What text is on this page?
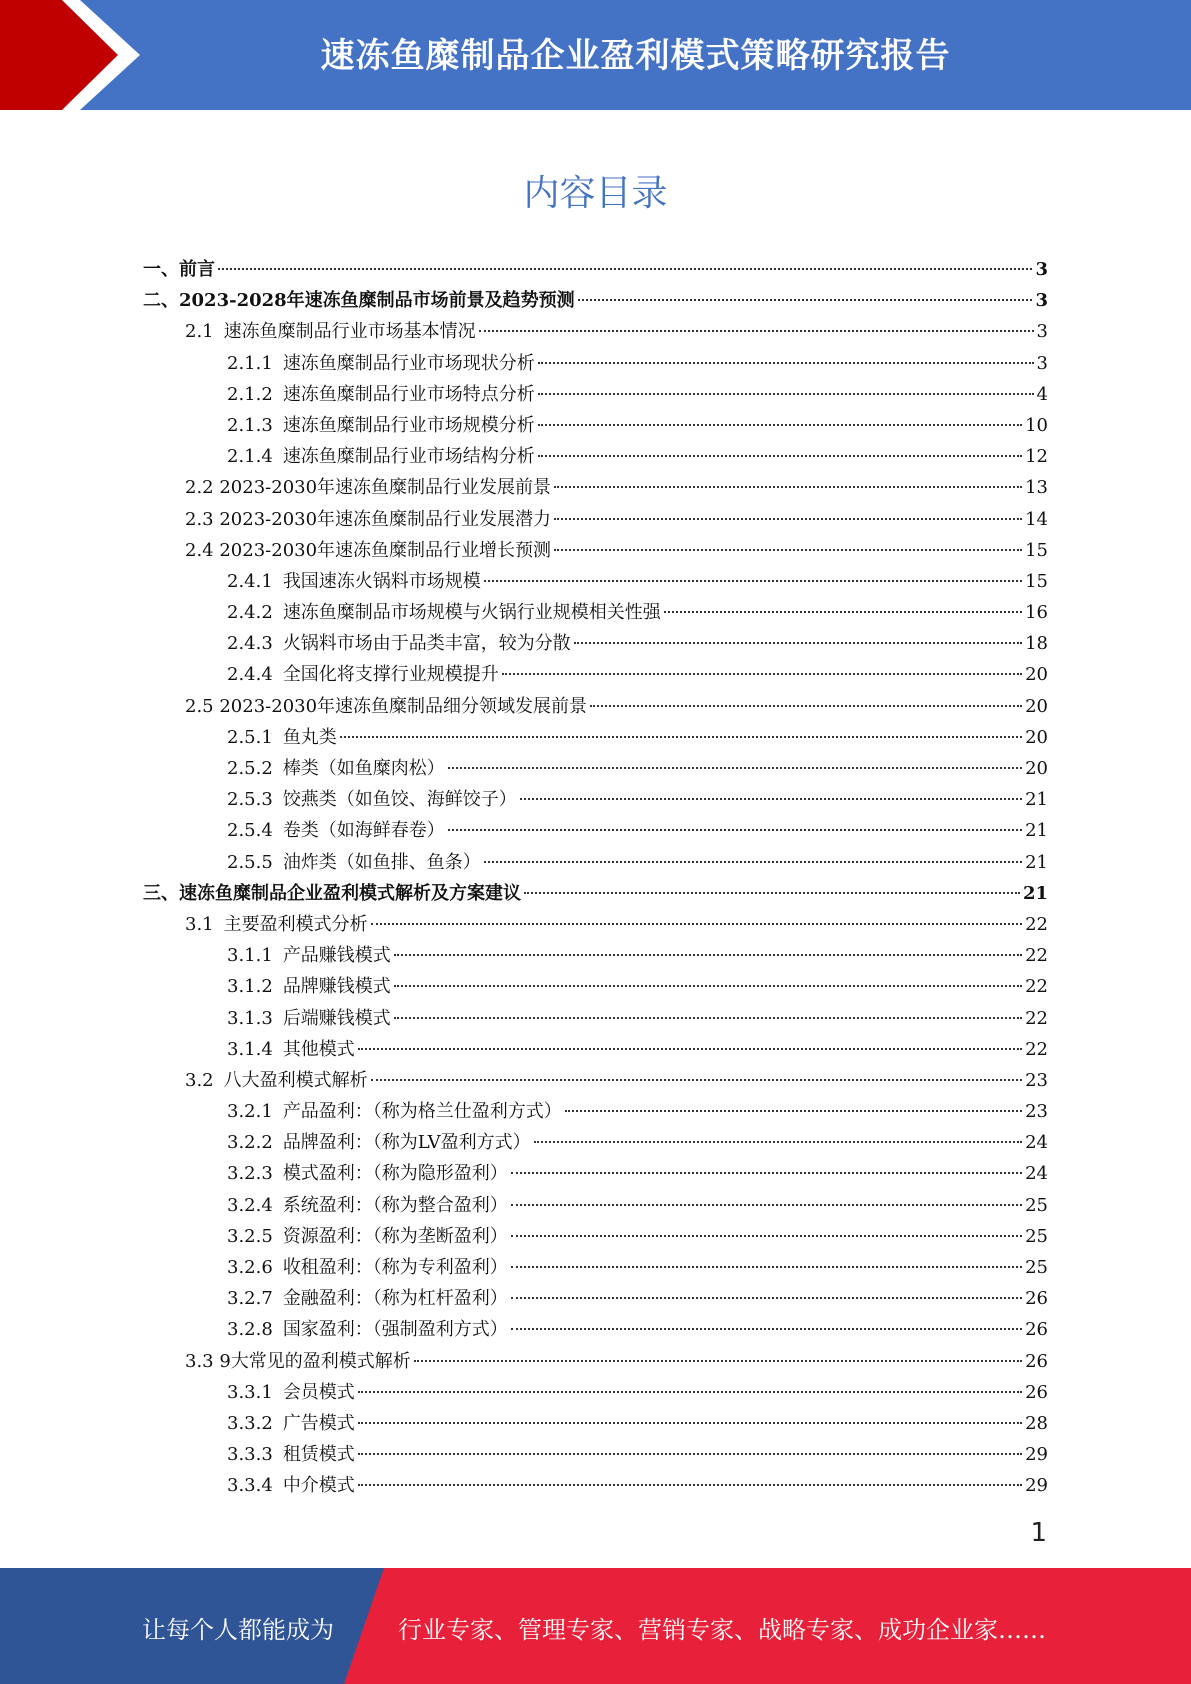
速冻鱼糜制品企业盈利模式策略研究报告
内容目录
一、前言	3
二、2023-2028年速冻鱼糜制品市场前景及趋势预测	3
2.1 速冻鱼糜制品行业市场基本情况	3
2.1.1 速冻鱼糜制品行业市场现状分析	3
2.1.2 速冻鱼糜制品行业市场特点分析	4
2.1.3 速冻鱼糜制品行业市场规模分析	10
2.1.4 速冻鱼糜制品行业市场结构分析	12
2.2 2023-2030年速冻鱼糜制品行业发展前景	13
2.3 2023-2030年速冻鱼糜制品行业发展潜力	14
2.4 2023-2030年速冻鱼糜制品行业增长预测	15
2.4.1 我国速冻火锅料市场规模	15
2.4.2 速冻鱼糜制品市场规模与火锅行业规模相关性强	16
2.4.3 火锅料市场由于品类丰富，较为分散	18
2.4.4 全国化将支撑行业规模提升	20
2.5 2023-2030年速冻鱼糜制品细分领域发展前景	20
2.5.1 鱼丸类	20
2.5.2 棒类（如鱼糜肉松）	20
2.5.3 饺燕类（如鱼饺、海鲜饺子）	21
2.5.4 卷类（如海鲜春卷）	21
2.5.5 油炸类（如鱼排、鱼条）	21
三、速冻鱼糜制品企业盈利模式解析及方案建议	21
3.1 主要盈利模式分析	22
3.1.1 产品赚钱模式	22
3.1.2 品牌赚钱模式	22
3.1.3 后端赚钱模式	22
3.1.4 其他模式	22
3.2 八大盈利模式解析	23
3.2.1 产品盈利：（称为格兰仕盈利方式）	23
3.2.2 品牌盈利：（称为LV盈利方式）	24
3.2.3 模式盈利：（称为隐形盈利）	24
3.2.4 系统盈利：（称为整合盈利）	25
3.2.5 资源盈利：（称为垄断盈利）	25
3.2.6 收租盈利：（称为专利盈利）	25
3.2.7 金融盈利：（称为杠杆盈利）	26
3.2.8 国家盈利：（强制盈利方式）	26
3.3 9大常见的盈利模式解析	26
3.3.1 会员模式	26
3.3.2 广告模式	28
3.3.3 租赁模式	29
3.3.4 中介模式	29
1
让每个人都能成为	行业专家、管理专家、营销专家、战略专家、成功企业家……
